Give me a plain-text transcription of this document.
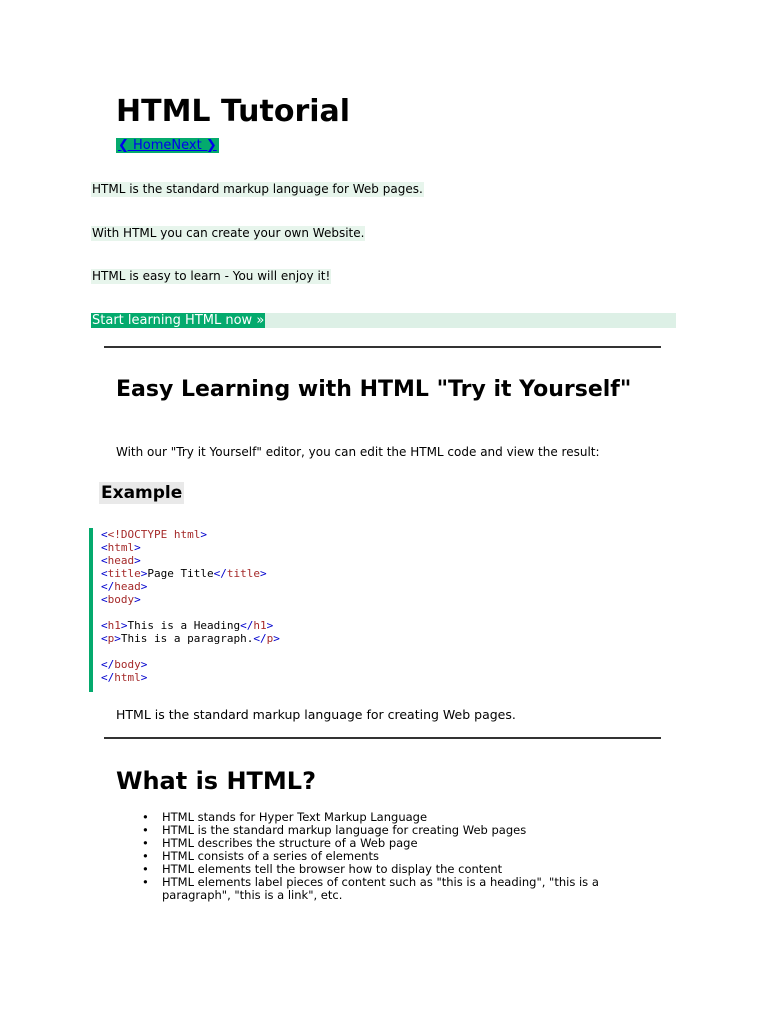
HTML Tutorial
❮ HomeNext ❯
HTML is the standard markup language for Web pages.
With HTML you can create your own Website.
HTML is easy to learn - You will enjoy it!
Start learning HTML now »
Easy Learning with HTML "Try it Yourself"
With our "Try it Yourself" editor, you can edit the HTML code and view the result:
Example
<<!DOCTYPE html>
<html>
<head>
<title>Page Title</title>
</head>
<body>

<h1>This is a Heading</h1>
<p>This is a paragraph.</p>

</body>
</html>
HTML is the standard markup language for creating Web pages.
What is HTML?
• HTML stands for Hyper Text Markup Language
• HTML is the standard markup language for creating Web pages
• HTML describes the structure of a Web page
• HTML consists of a series of elements
• HTML elements tell the browser how to display the content
• HTML elements label pieces of content such as "this is a heading", "this is a paragraph", "this is a link", etc.
